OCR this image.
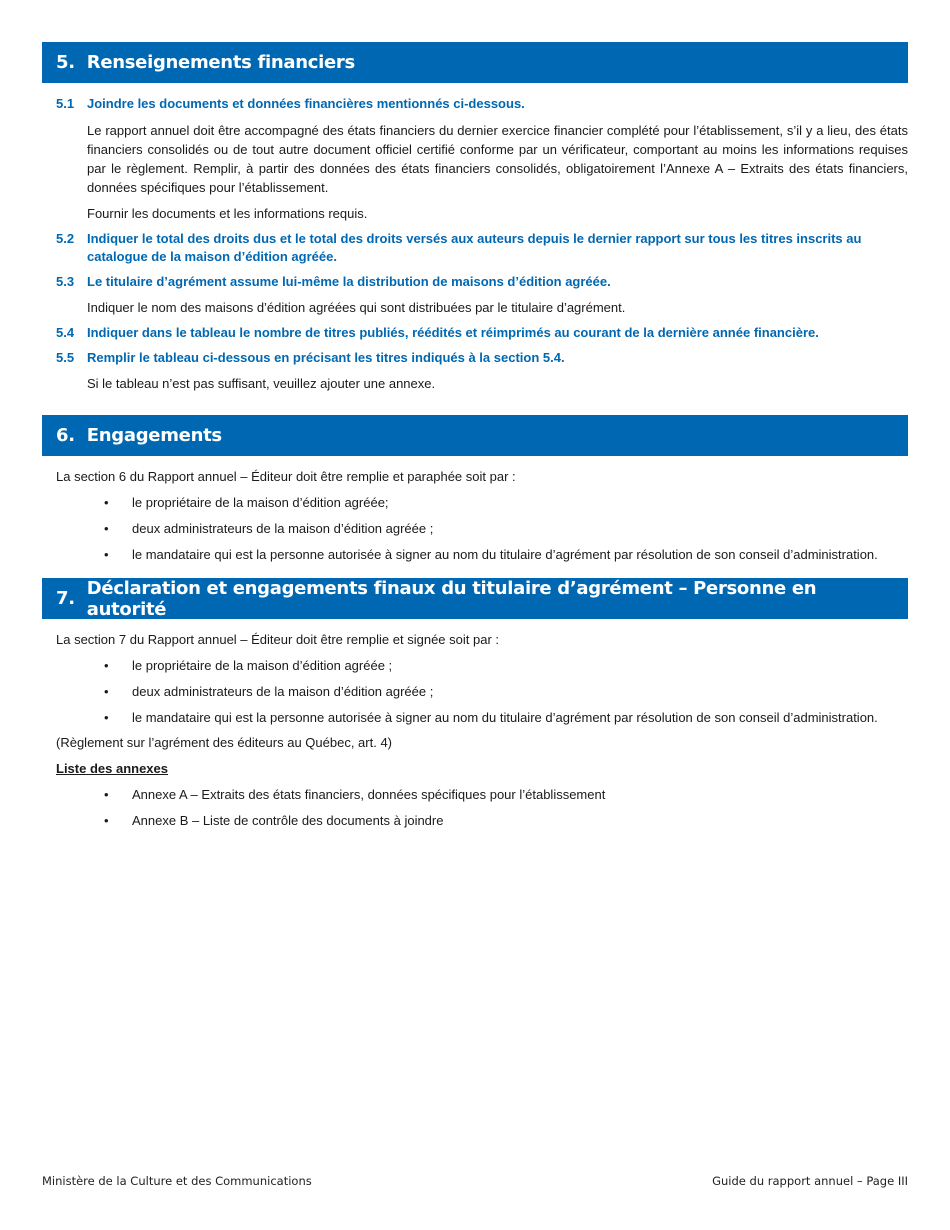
5. Renseignements financiers
5.1 Joindre les documents et données financières mentionnés ci-dessous.

Le rapport annuel doit être accompagné des états financiers du dernier exercice financier complété pour l’établissement, s’il y a lieu, des états financiers consolidés ou de tout autre document officiel certifié conforme par un vérificateur, comportant au moins les informations requises par le règlement. Remplir, à partir des données des états financiers consolidés, obligatoirement l’Annexe A – Extraits des états financiers, données spécifiques pour l’établissement.

Fournir les documents et les informations requis.

5.2 Indiquer le total des droits dus et le total des droits versés aux auteurs depuis le dernier rapport sur tous les titres inscrits au catalogue de la maison d’édition agréée.
5.3 Le titulaire d’agrément assume lui-même la distribution de maisons d’édition agréée.

Indiquer le nom des maisons d’édition agréées qui sont distribuées par le titulaire d’agrément.

5.4 Indiquer dans le tableau le nombre de titres publiés, réédités et réimprimés au courant de la dernière année financière.
5.5 Remplir le tableau ci-dessous en précisant les titres indiqués à la section 5.4.

Si le tableau n’est pas suffisant, veuillez ajouter une annexe.

6. Engagements

La section 6 du Rapport annuel – Éditeur doit être remplie et paraphée soit par :

•	le propriétaire de la maison d’édition agréée;
•	deux administrateurs de la maison d’édition agréée ;
•	le mandataire qui est la personne autorisée à signer au nom du titulaire d’agrément par résolution de son conseil d’administration.
7. Déclaration et engagements finaux du titulaire d’agrément – Personne en autorité

La section 7 du Rapport annuel – Éditeur doit être remplie et signée soit par :

•	le propriétaire de la maison d’édition agréée ;
•	deux administrateurs de la maison d’édition agréée ;
•	le mandataire qui est la personne autorisée à signer au nom du titulaire d’agrément par résolution de son conseil d’administration.

(Règlement sur l’agrément des éditeurs au Québec, art. 4)

Liste des annexes
•	Annexe A – Extraits des états financiers, données spécifiques pour l’établissement
•	Annexe B – Liste de contrôle des documents à joindre
Ministère de la Culture et des Communications	Guide du rapport annuel – Page III
